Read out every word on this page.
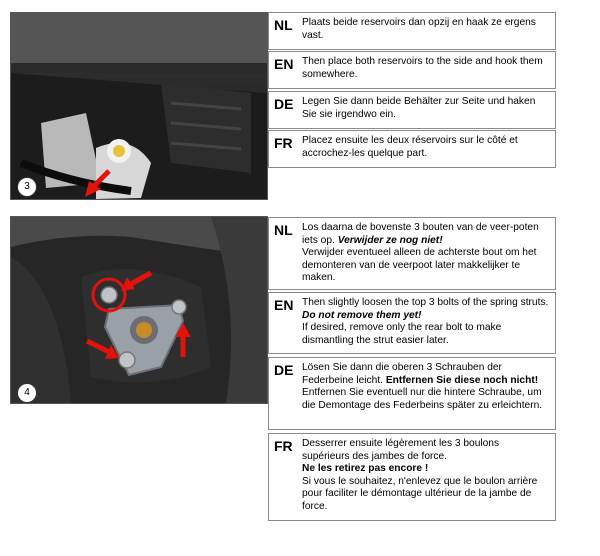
3
NL Plaats beide reservoirs dan opzij en haak ze ergens vast.
EN Then place both reservoirs to the side and hook them somewhere.
DE Legen Sie dann beide Behälter zur Seite und haken Sie sie irgendwo ein.
FR Placez ensuite les deux réservoirs sur le côté et accrochez-les quelque part.
4
NL Los daarna de bovenste 3 bouten van de veer-poten iets op. Verwijder ze nog niet!
Verwijder eventueel alleen de achterste bout om het demonteren van de veerpoot later makkelijker te maken.
EN Then slightly loosen the top 3 bolts of the spring struts. Do not remove them yet!
If desired, remove only the rear bolt to make dismantling the strut easier later.
DE Lösen Sie dann die oberen 3 Schrauben der Federbeine leicht. Entfernen Sie diese noch nicht!
Entfernen Sie eventuell nur die hintere Schraube, um die Demontage des Federbeins später zu erleichtern.
FR Desserrer ensuite légèrement les 3 boulons supérieurs des jambes de force.
Ne les retirez pas encore !
Si vous le souhaitez, n'enlevez que le boulon arrière pour faciliter le démontage ultérieur de la jambe de force.
